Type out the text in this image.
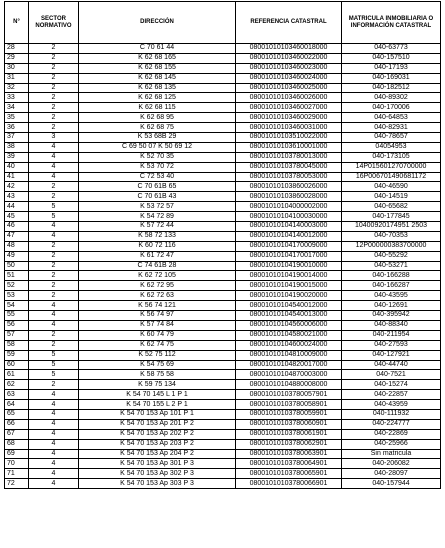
N°	SECTOR NORMATIVO	DIRECCIÓN	REFERENCIA CATASTRAL	MATRICULA INMOBILIARIA O INFORMACIÓN CATASTRAL
28	2	C 70 61 44	08001010103460018000	040-63773
29	2	K 62 68 165	08001010103460022000	040-157510
30	2	K 62 68 155	08001010103460023000	040-17193
31	2	K 62 68 145	08001010103460024000	040-169031
32	2	K 62 68 135	08001010103460025000	040-182512
33	2	K 62 68 125	08001010103460026000	040-89302
34	2	K 62 68 115	08001010103460027000	040-170006
35	2	K 62 68 95	08001010103460029000	040-64853
36	2	K 62 68 75	08001010103460031000	040-82931
37	3	K 53 68B 29	08001010103510022000	040-78657
38	4	C 69 50 07 K 50 69 12	08001010103610001000	04054953
39	4	K 52 70 35	08001010103780013000	040-173105
40	4	K 53 70 72	08001010103780045000	14P015601270700000
41	4	C 72 53 40	08001010103780053000	16P006701490681172
42	2	C 70 61B 65	08001010103860026000	040-46590
43	2	C 70 61B 43	08001010103860028000	040-14519
44	5	K 53 72 57	08001010104000002000	040-65682
45	5	K 54 72 89	08001010104100030000	040-177845
46	4	K 57 72 44	08001010104140003000	10400920174951 2503
47	4	K 58 72 133	08001010104140012000	040-70353
48	2	K 60 72 116	08001010104170009000	12P000000383700000
49	2	K 61 72 47	08001010104170017000	040-55292
50	2	C 74 61B 28	08001010104190010000	040-53271
51	2	K 62 72 105	08001010104190014000	040-166288
52	2	K 62 72 95	08001010104190015000	040-166287
53	2	K 62 72 63	08001010104190020000	040-43595
54	4	K 56 74 121	08001010104540012000	040-12691
55	4	K 56 74 97	08001010104540013000	040-395942
56	4	K 57 74 84	08001010104560006000	040-88340
57	2	K 60 74 79	08001010104580021000	040-211954
58	2	K 62 74 75	08001010104600024000	040-27593
59	5	K 52 75 112	08001010104810009000	040-127921
60	5	K 54 75 69	08001010104820017000	040-44740
61	5	K 58 75 58	08001010104870003000	040-7521
62	2	K 59 75 134	08001010104880008000	040-15274
63	4	K 54 70 145 L 1 P 1	08001010103780057901	040-22857
64	4	K 54 70 155 L 2 P 1	08001010103780058901	040-43959
65	4	K 54 70 153 Ap 101 P 1	08001010103780059901	040-111932
66	4	K 54 70 153 Ap 201 P 2	08001010103780060901	040-224777
67	4	K 54 70 153 Ap 202 P 2	08001010103780061901	040-22869
68	4	K 54 70 153 Ap 203 P 2	08001010103780062901	040-25966
69	4	K 54 70 153 Ap 204 P 2	08001010103780063901	Sin matricula
70	4	K 54 70 153 Ap 301 P 3	08001010103780064901	040-206082
71	4	K 54 70 153 Ap 302 P 3	08001010103780065901	040-28097
72	4	K 54 70 153 Ap 303 P 3	08001010103780066901	040-157944
